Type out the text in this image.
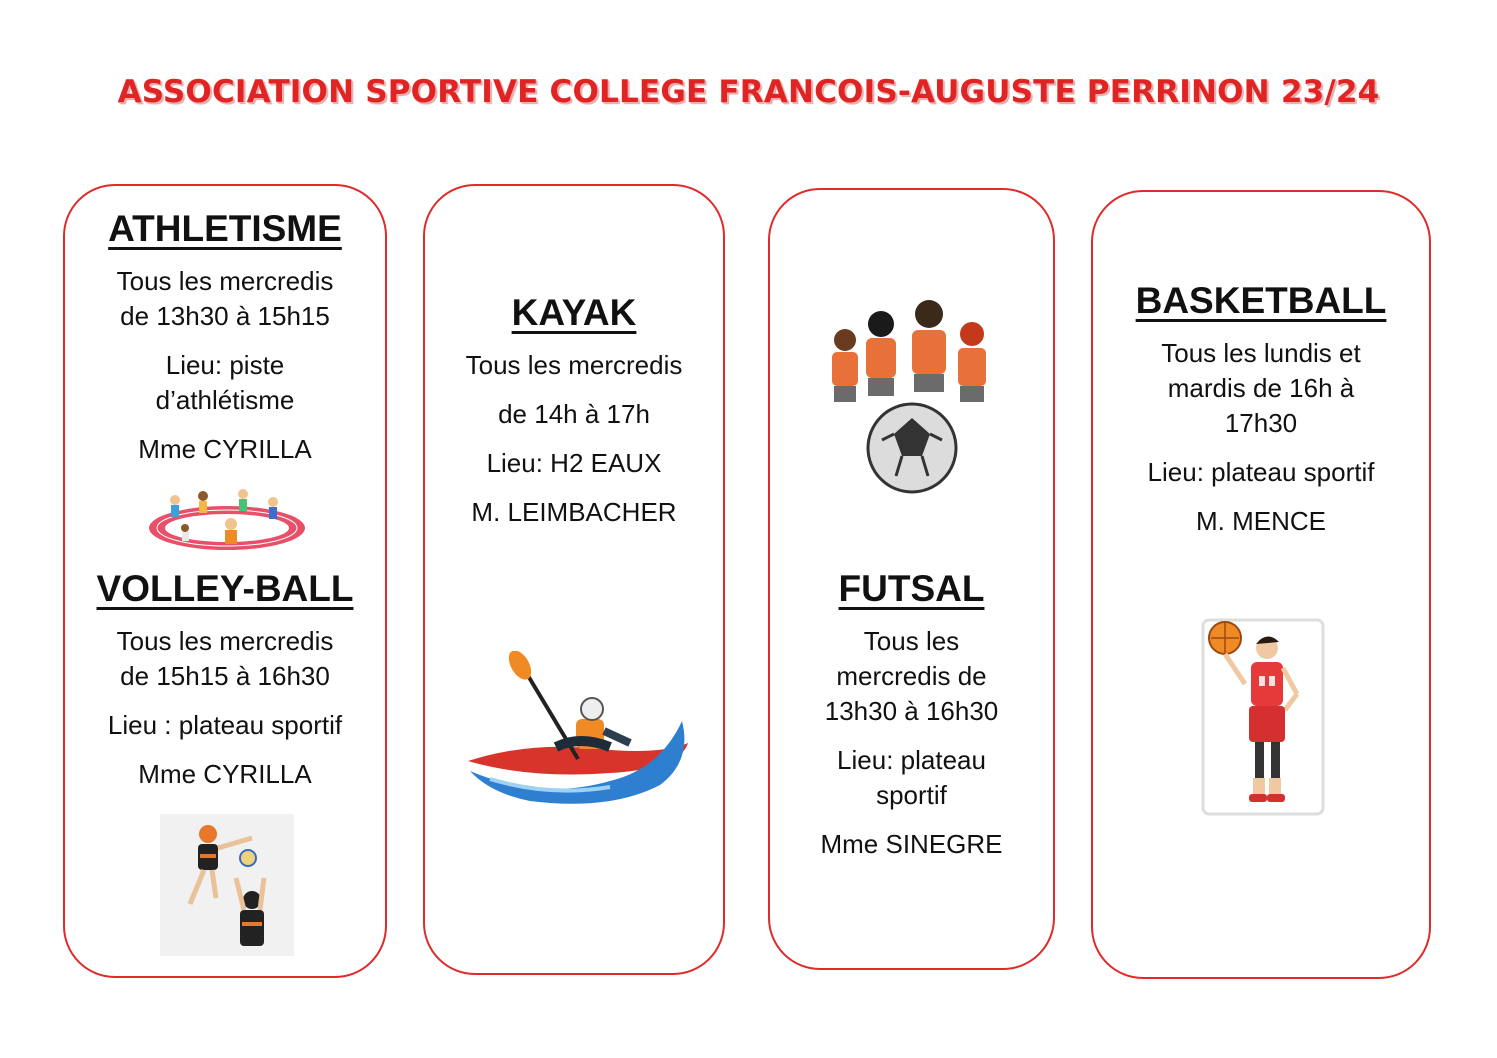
ASSOCIATION SPORTIVE COLLEGE FRANCOIS-AUGUSTE PERRINON 23/24

ATHLETISME

Tous les mercredis

de 13h30 à 15h15

Lieu: piste

d’athlétisme

Mme CYRILLA

VOLLEY-BALL

Tous les mercredis

de 15h15 à 16h30

Lieu : plateau sportif

Mme CYRILLA

KAYAK

Tous les mercredis

de 14h à 17h

Lieu: H2 EAUX

M. LEIMBACHER

FUTSAL

Tous les

mercredis de

13h30 à 16h30

Lieu: plateau

sportif

Mme SINEGRE

BASKETBALL

Tous les lundis et

mardis de 16h à

17h30

Lieu: plateau sportif

M. MENCE
